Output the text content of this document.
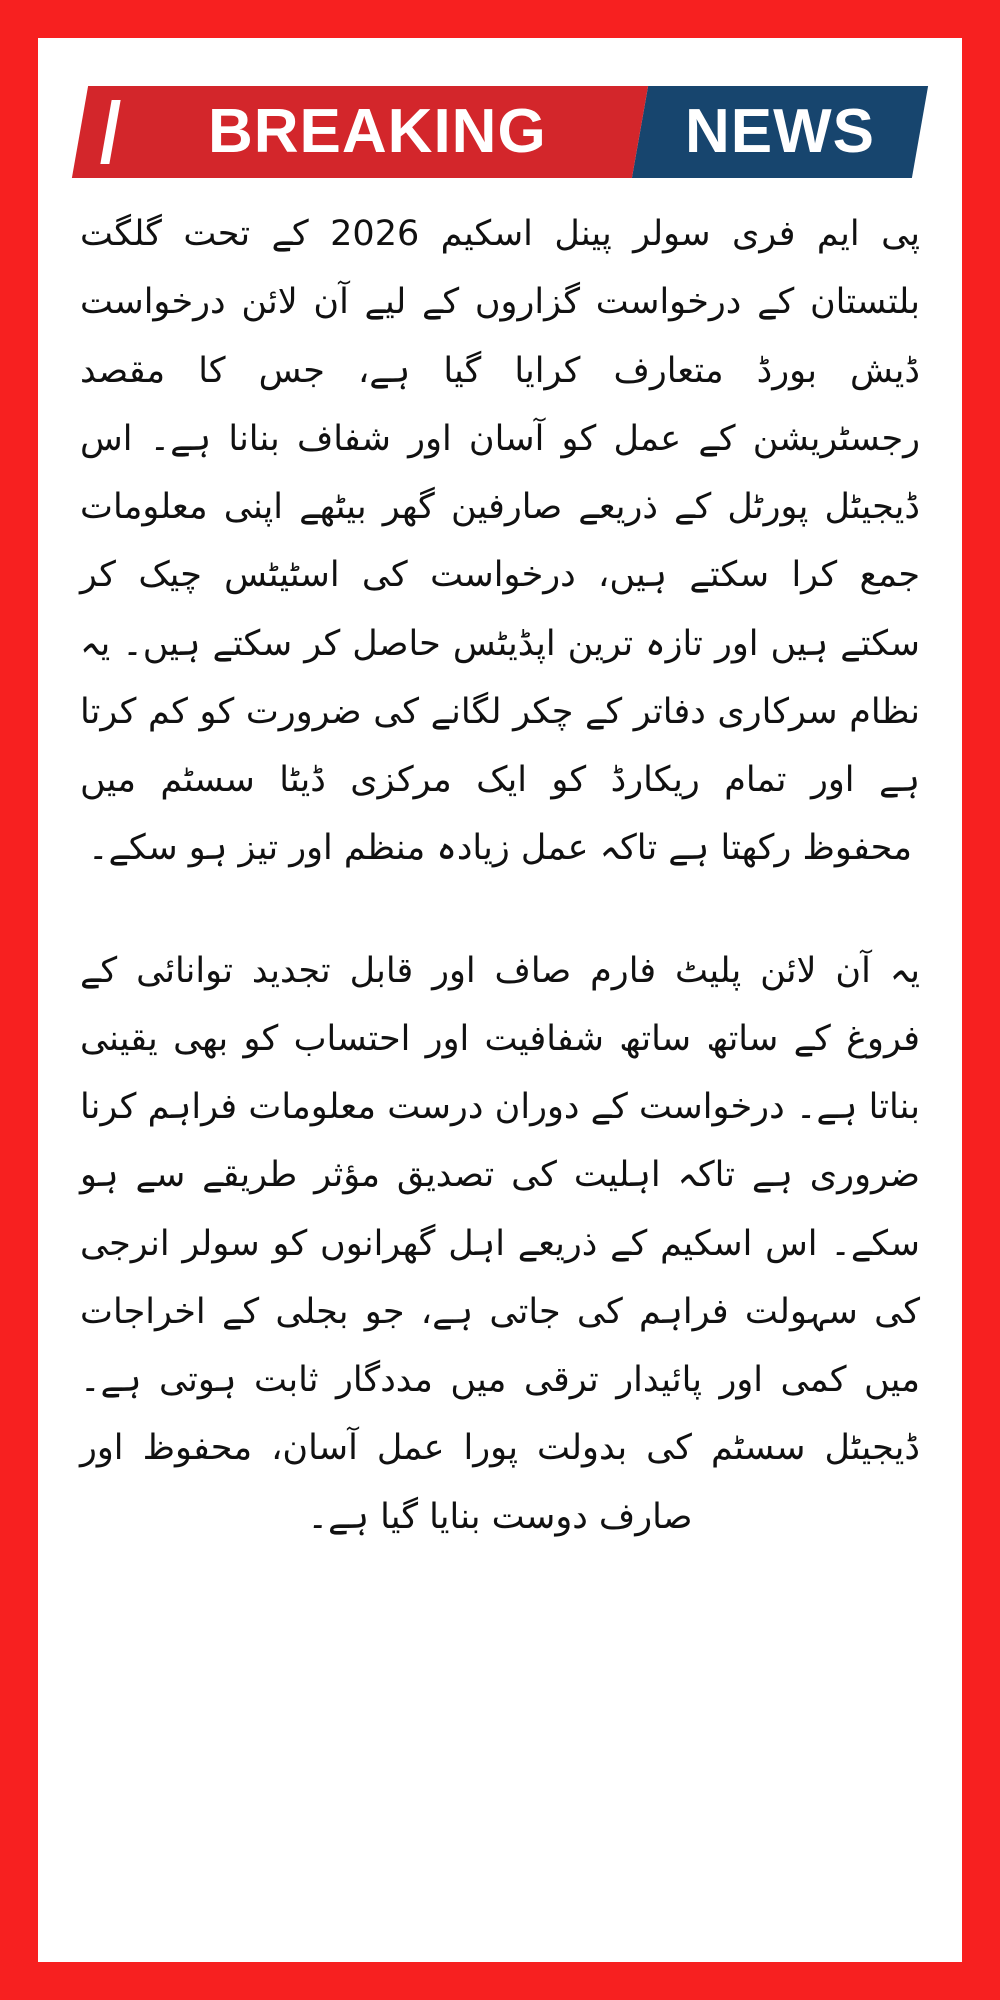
BREAKING NEWS

پی ایم فری سولر پینل اسکیم 2026 کے تحت گلگت بلتستان کے درخواست گزاروں کے لیے آن لائن درخواست ڈیش بورڈ متعارف کرایا گیا ہے، جس کا مقصد رجسٹریشن کے عمل کو آسان اور شفاف بنانا ہے۔ اس ڈیجیٹل پورٹل کے ذریعے صارفین گھر بیٹھے اپنی معلومات جمع کرا سکتے ہیں، درخواست کی اسٹیٹس چیک کر سکتے ہیں اور تازہ ترین اپڈیٹس حاصل کر سکتے ہیں۔ یہ نظام سرکاری دفاتر کے چکر لگانے کی ضرورت کو کم کرتا ہے اور تمام ریکارڈ کو ایک مرکزی ڈیٹا سسٹم میں محفوظ رکھتا ہے تاکہ عمل زیادہ منظم اور تیز ہو سکے۔

یہ آن لائن پلیٹ فارم صاف اور قابل تجدید توانائی کے فروغ کے ساتھ ساتھ شفافیت اور احتساب کو بھی یقینی بناتا ہے۔ درخواست کے دوران درست معلومات فراہم کرنا ضروری ہے تاکہ اہلیت کی تصدیق مؤثر طریقے سے ہو سکے۔ اس اسکیم کے ذریعے اہل گھرانوں کو سولر انرجی کی سہولت فراہم کی جاتی ہے، جو بجلی کے اخراجات میں کمی اور پائیدار ترقی میں مددگار ثابت ہوتی ہے۔ ڈیجیٹل سسٹم کی بدولت پورا عمل آسان، محفوظ اور صارف دوست بنایا گیا ہے۔
